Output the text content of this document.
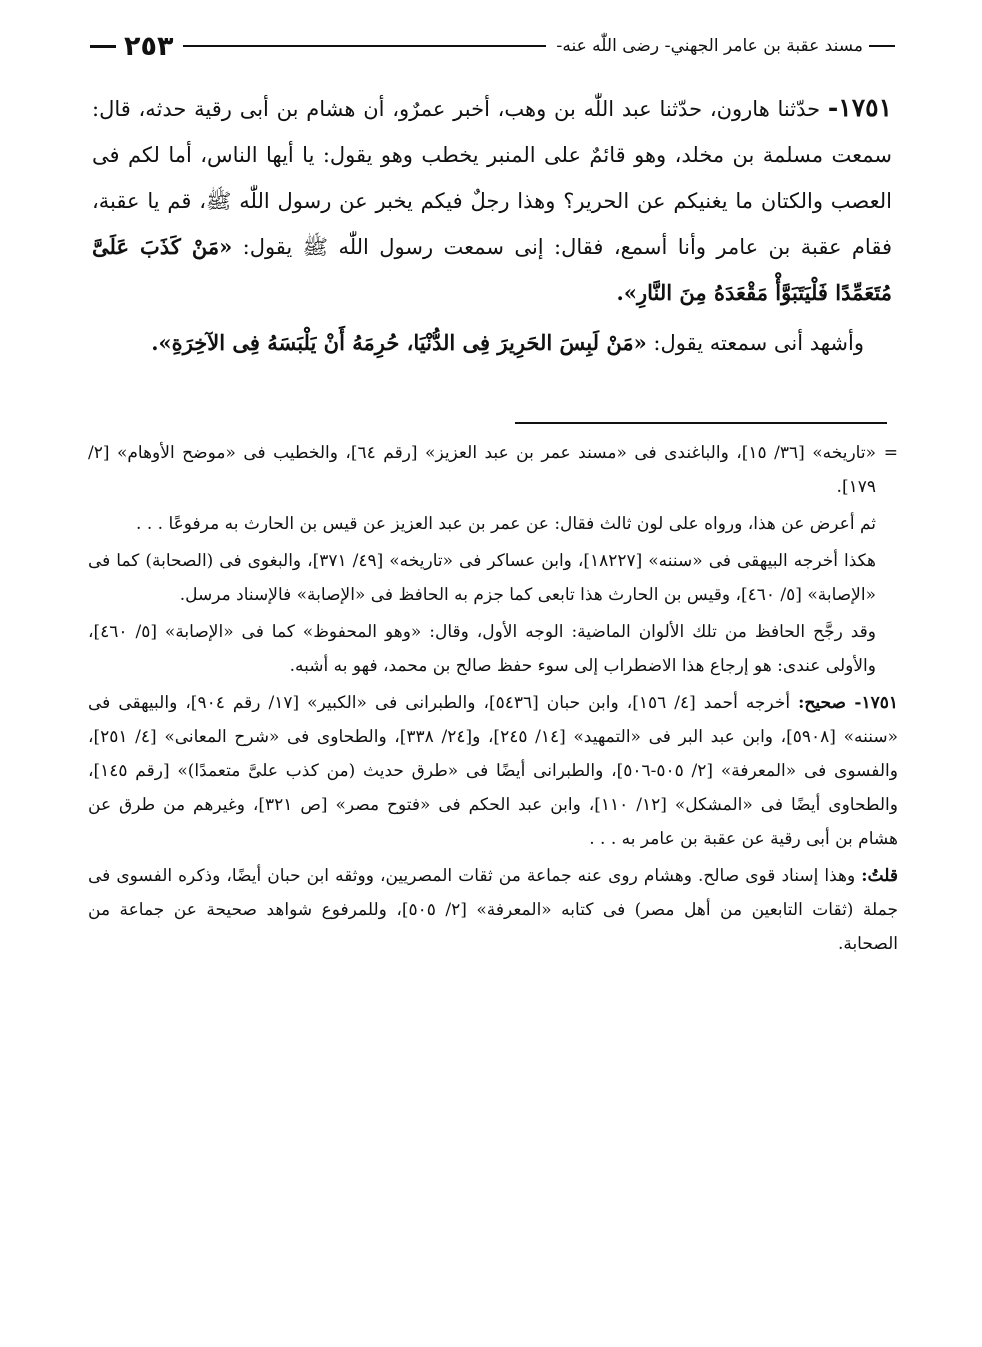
مسند عقبة بن عامر الجهني- رضى اللّٰه عنه-
٢٥٣

١٧٥١- حدّثنا هارون، حدّثنا عبد اللّٰه بن وهب، أخبر عمرٌو، أن هشام بن أبى رقية حدثه، قال: سمعت مسلمة بن مخلد، وهو قائمٌ على المنبر يخطب وهو يقول: يا أيها الناس، أما لكم فى العصب والكتان ما يغنيكم عن الحرير؟ وهذا رجلٌ فيكم يخبر عن رسول اللّٰه ﷺ، قم يا عقبة، فقام عقبة بن عامر وأنا أسمع، فقال: إنى سمعت رسول اللّٰه ﷺ يقول: «مَنْ كَذَبَ عَلَىَّ مُتَعَمِّدًا فَلْيَتَبَوَّأْ مَقْعَدَهُ مِنَ النَّارِ».

وأشهد أنى سمعته يقول: «مَنْ لَبِسَ الحَرِيرَ فِى الدُّنْيَا، حُرِمَهُ أَنْ يَلْبَسَهُ فِى الآخِرَةِ».

=
«تاريخه» [٣٦/ ١٥]، والباغندى فى «مسند عمر بن عبد العزيز» [رقم ٦٤]، والخطيب فى «موضح الأوهام» [٢/ ١٧٩].
ثم أعرض عن هذا، ورواه على لون ثالث فقال: عن عمر بن عبد العزيز عن قيس بن الحارث به مرفوعًا . . .
هكذا أخرجه البيهقى فى «سننه» [١٨٢٢٧]، وابن عساكر فى «تاريخه» [٤٩/ ٣٧١]، والبغوى فى (الصحابة) كما فى «الإصابة» [٥/ ٤٦٠]، وقيس بن الحارث هذا تابعى كما جزم به الحافظ فى «الإصابة» فالإسناد مرسل.
وقد رجَّح الحافظ من تلك الألوان الماضية: الوجه الأول، وقال: «وهو المحفوظ» كما فى «الإصابة» [٥/ ٤٦٠]، والأولى عندى: هو إرجاع هذا الاضطراب إلى سوء حفظ صالح بن محمد، فهو به أشبه.
١٧٥١- صحيح: أخرجه أحمد [٤/ ١٥٦]، وابن حبان [٥٤٣٦]، والطبرانى فى «الكبير» [١٧/ رقم ٩٠٤]، والبيهقى فى «سننه» [٥٩٠٨]، وابن عبد البر فى «التمهيد» [١٤/ ٢٤٥]، و[٢٤/ ٣٣٨]، والطحاوى فى «شرح المعانى» [٤/ ٢٥١]، والفسوى فى «المعرفة» [٢/ ٥٠٥-٥٠٦]، والطبرانى أيضًا فى «طرق حديث (من كذب علىَّ متعمدًا)» [رقم ١٤٥]، والطحاوى أيضًا فى «المشكل» [١٢/ ١١٠]، وابن عبد الحكم فى «فتوح مصر» [ص ٣٢١]، وغيرهم من طرق عن هشام بن أبى رقية عن عقبة بن عامر به . . .
قلتُ: وهذا إسناد قوى صالح. وهشام روى عنه جماعة من ثقات المصريين، ووثقه ابن حبان أيضًا، وذكره الفسوى فى جملة (ثقات التابعين من أهل مصر) فى كتابه «المعرفة» [٢/ ٥٠٥]، وللمرفوع شواهد صحيحة عن جماعة من الصحابة.
